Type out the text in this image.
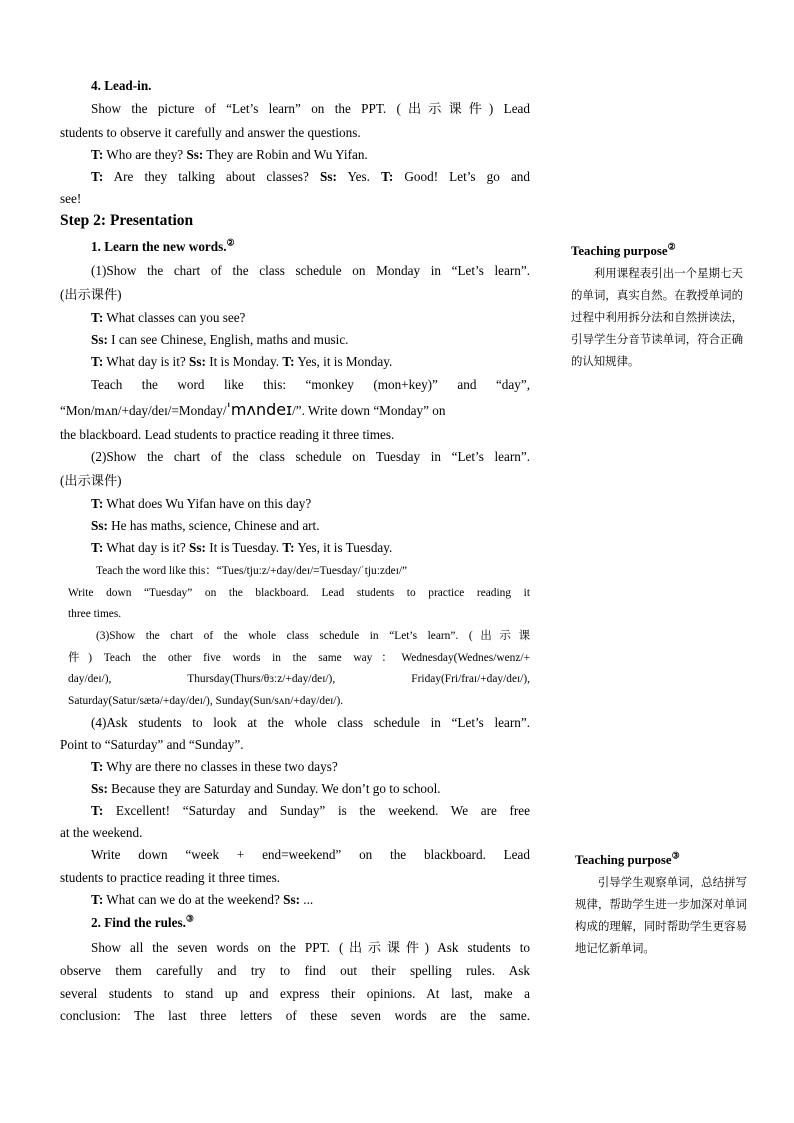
4. Lead-in.
Show the picture of “Let’s learn” on the PPT. (出示课件) Lead
students to observe it carefully and answer the questions.
T: Who are they? Ss: They are Robin and Wu Yifan.
T: Are they talking about classes? Ss: Yes. T: Good! Let’s go and
see!
Step 2: Presentation
1. Learn the new words.②
(1)Show the chart of the class schedule on Monday in “Let’s learn”.
(出示课件)
T: What classes can you see?
Ss: I can see Chinese, English, maths and music.
T: What day is it? Ss: It is Monday. T: Yes, it is Monday.
Teach the word like this: “monkey (mon+key)” and “day”,
“Mon/mʌn/+day/deɪ/=Monday/ˈmʌndeɪ/”. Write down “Monday” on
the blackboard. Lead students to practice reading it three times.
(2)Show the chart of the class schedule on Tuesday in “Let’s learn”.
(出示课件)
T: What does Wu Yifan have on this day?
Ss: He has maths, science, Chinese and art.
T: What day is it? Ss: It is Tuesday. T: Yes, it is Tuesday.
(4)Ask students to look at the whole class schedule in “Let’s learn”.
Point to “Saturday” and “Sunday”.
T: Why are there no classes in these two days?
Ss: Because they are Saturday and Sunday. We don’t go to school.
T: Excellent! “Saturday and Sunday” is the weekend. We are free
at the weekend.
Write down “week + end=weekend” on the blackboard. Lead
students to practice reading it three times.
T: What can we do at the weekend? Ss: ...
2. Find the rules.③
Show all the seven words on the PPT. (出示课件) Ask students to
observe them carefully and try to find out their spelling rules. Ask
several students to stand up and express their opinions. At last, make a
conclusion: The last three letters of these seven words are the same.
Teach the word like this：“Tues/tjuːz/+day/deɪ/=Tuesday/ˈtjuːzdeɪ/”
Write down “Tuesday” on the blackboard. Lead students to practice reading it
three times.
(3)Show the chart of the whole class schedule in “Let’s learn”. (出示课
件) Teach the other five words in the same way：Wednesday(Wednes/wenz/+
day/deɪ/), Thursday(Thurs/θɜːz/+day/deɪ/), Friday(Fri/fraɪ/+day/deɪ/),
Saturday(Satur/sætə/+day/deɪ/), Sunday(Sun/sʌn/+day/deɪ/).
Teaching purpose②
利用课程表引出一个星期七天的单词，真实自然。在教授单词的过程中利用拆分法和自然拼读法，引导学生分音节读单词，符合正确的认知规律。
Teaching purpose③
引导学生观察单词，总结拼写规律，帮助学生进一步加深对单词构成的理解，同时帮助学生更容易地记忆新单词。
